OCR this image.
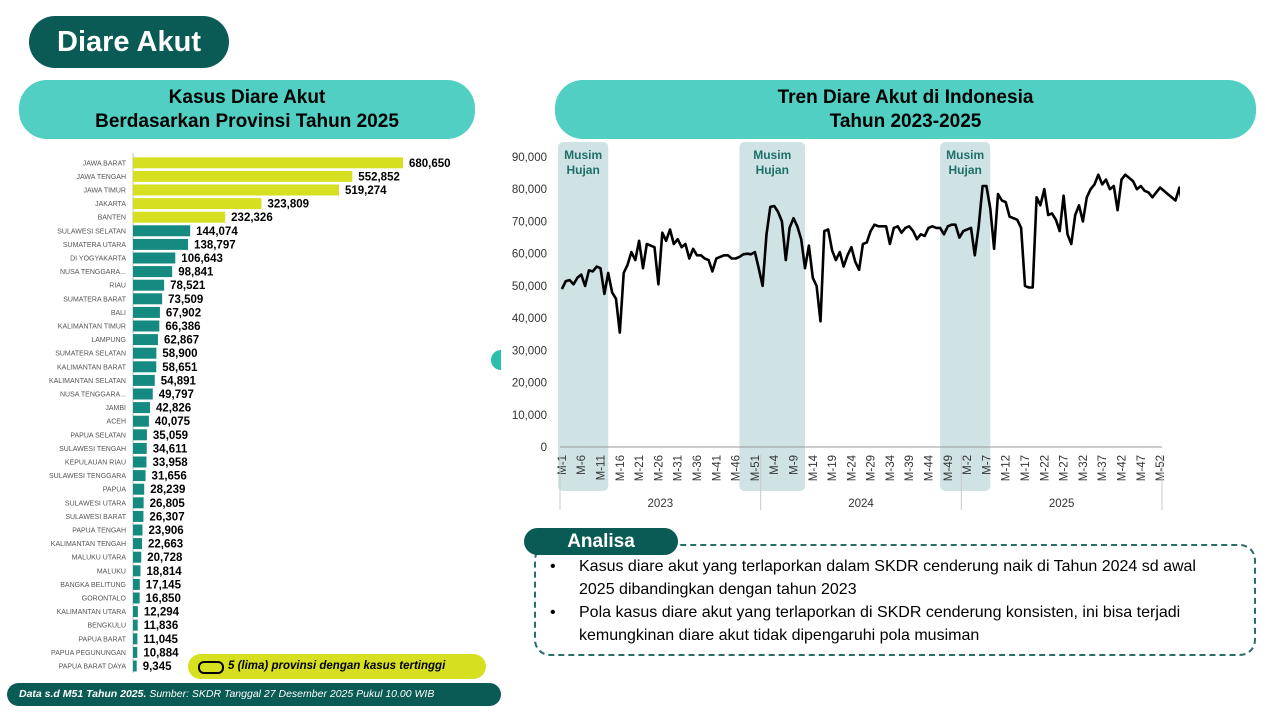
Diare Akut
Kasus Diare Akut
Berdasarkan Provinsi Tahun 2025
Tren Diare Akut di Indonesia
Tahun 2023-2025
JAWA BARAT	680,650
JAWA TENGAH	552,852
JAWA TIMUR	519,274
JAKARTA	323,809
BANTEN	232,326
SULAWESI SELATAN	144,074
SUMATERA UTARA	138,797
DI YOGYAKARTA	106,643
NUSA TENGGARA...	98,841
RIAU	78,521
SUMATERA BARAT	73,509
BALI	67,902
KALIMANTAN TIMUR	66,386
LAMPUNG	62,867
SUMATERA SELATAN	58,900
KALIMANTAN BARAT	58,651
KALIMANTAN SELATAN	54,891
NUSA TENGGARA...	49,797
JAMBI	42,826
ACEH	40,075
PAPUA SELATAN 35,059
SULAWESI TENGAH 34,611
KEPULAUAN RIAU 33,958
SULAWESI TENGGARA 31,656
PAPUA 28,239
SULAWESI UTARA 26,805
SULAWESI BARAT 26,307
PAPUA TENGAH 23,906
KALIMANTAN TENGAH 22,663
MALUKU UTARA 20,728
MALUKU 18,814
BANGKA BELITUNG 17,145
GORONTALO 16,850
KALIMANTAN UTARA 12,294
BENGKULU 11,836
PAPUA BARAT 11,045
PAPUA PEGUNUNGAN 10,884
PAPUA BARAT DAYA 9,345
Musim
Hujan
Musim
Hujan
Musim
Hujan
0
10,000
20,000
30,000
40,000
50,000
60,000
70,000
80,000
90,000
M-1 M-6 M-11 M-16 M-21 M-26 M-31 M-36 M-41 M-46 M-51 M-4 M-9 M-14 M-19 M-24 M-29 M-34 M-39 M-44 M-49 M-2 M-7 M-12 M-17 M-22 M-27 M-32 M-37 M-42 M-47 M-52
2023	2024	2025
5 (lima) provinsi dengan kasus tertinggi
Data s.d M51 Tahun 2025. Sumber: SKDR Tanggal 27 Desember 2025 Pukul 10.00 WIB
Analisa
• Kasus diare akut yang terlaporkan dalam SKDR cenderung naik di Tahun 2024 sd awal 2025 dibandingkan dengan tahun 2023
• Pola kasus diare akut yang terlaporkan di SKDR cenderung konsisten, ini bisa terjadi kemungkinan diare akut tidak dipengaruhi pola musiman
